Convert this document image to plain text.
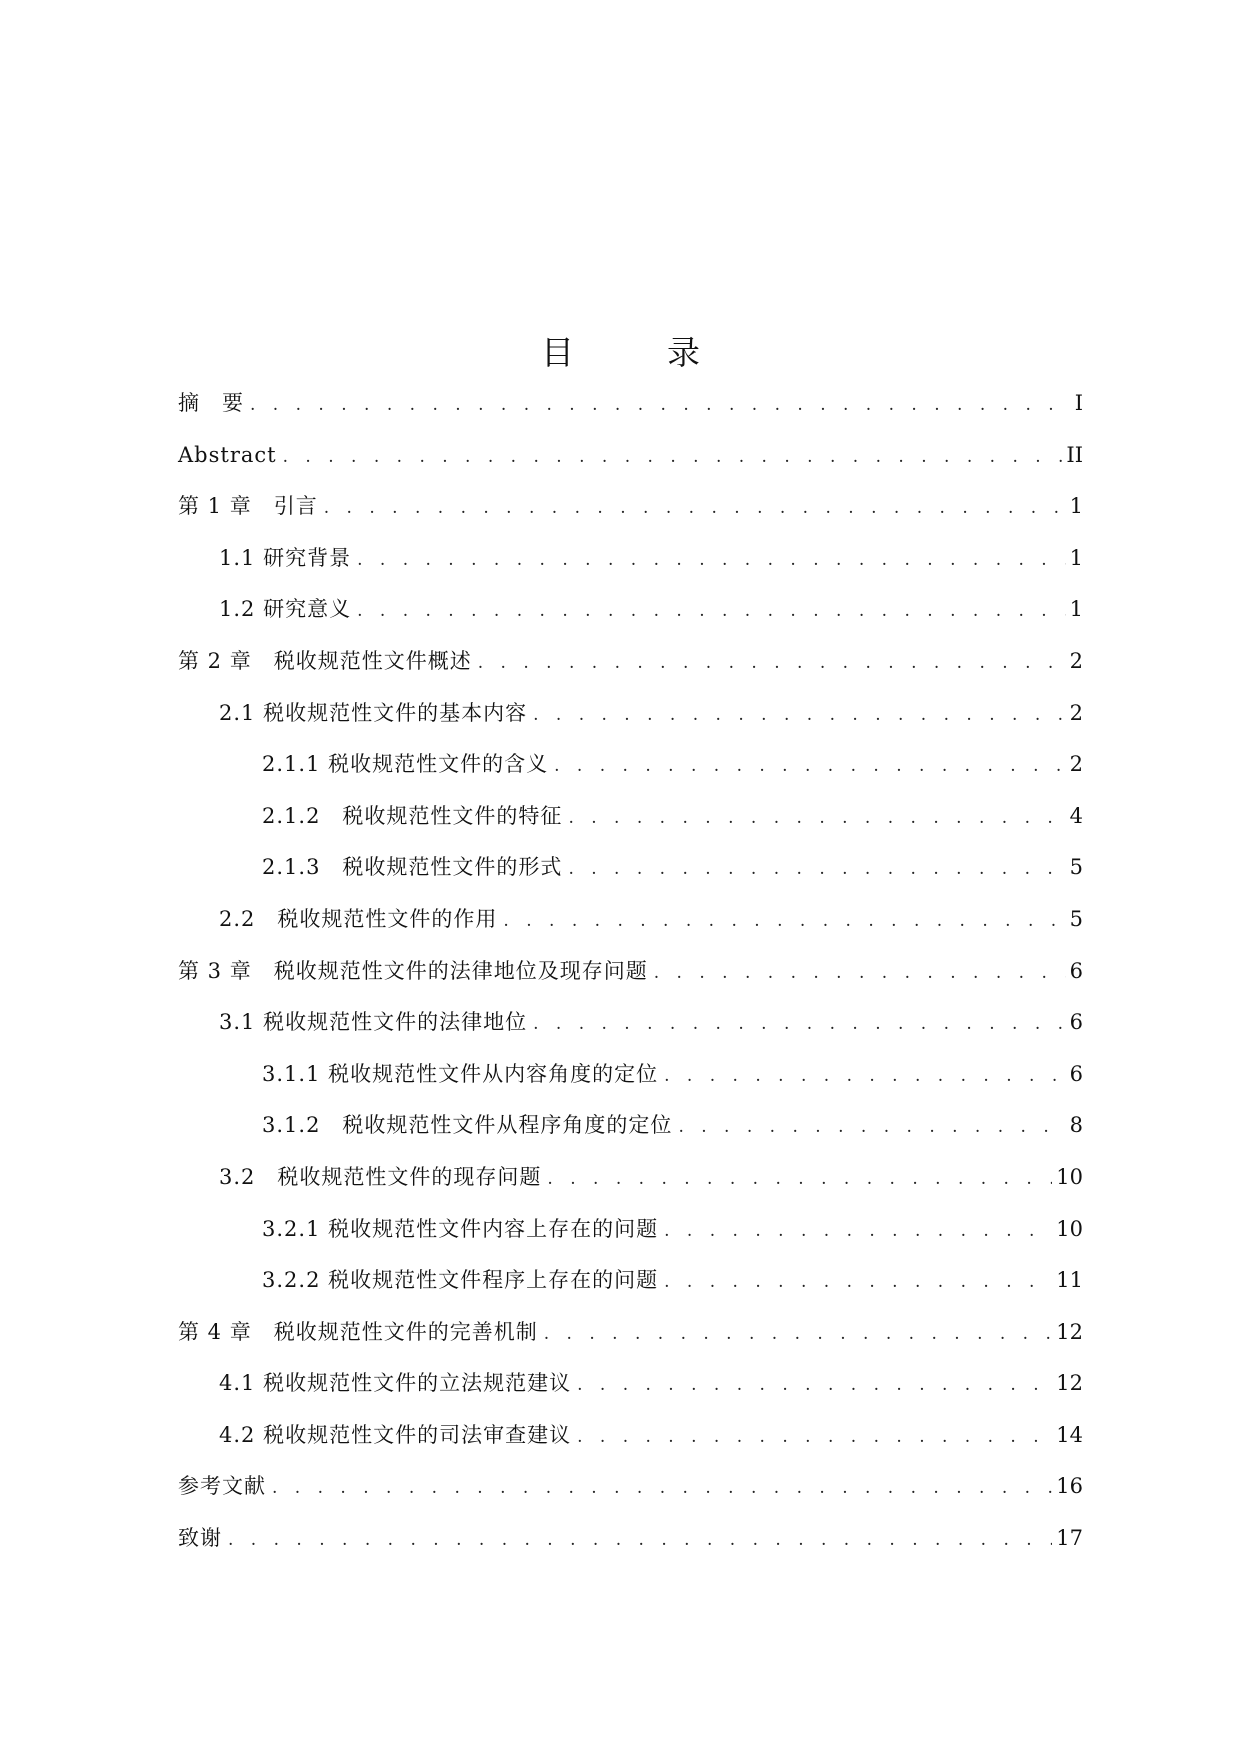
目　录
摘　要 . . .	I
Abstract . . .	II
第 1 章　引言 . . .	1
1.1 研究背景 . . .	1
1.2 研究意义 . . .	1
第 2 章　税收规范性文件概述 . . .	2
2.1 税收规范性文件的基本内容 . . .	2
2.1.1 税收规范性文件的含义 . . .	2
2.1.2　税收规范性文件的特征 . . .	4
2.1.3　税收规范性文件的形式 . . .	5
2.2　税收规范性文件的作用 . . .	5
第 3 章　税收规范性文件的法律地位及现存问题 . . .	6
3.1 税收规范性文件的法律地位 . . .	6
3.1.1 税收规范性文件从内容角度的定位 . . .	6
3.1.2　税收规范性文件从程序角度的定位 . . .	8
3.2　税收规范性文件的现存问题 . . .	10
3.2.1 税收规范性文件内容上存在的问题 . . .	10
3.2.2 税收规范性文件程序上存在的问题 . . .	11
第 4 章　税收规范性文件的完善机制 . . .	12
4.1 税收规范性文件的立法规范建议 . . .	12
4.2 税收规范性文件的司法审查建议 . . .	14
参考文献 . . .	16
致谢 . . .	17
